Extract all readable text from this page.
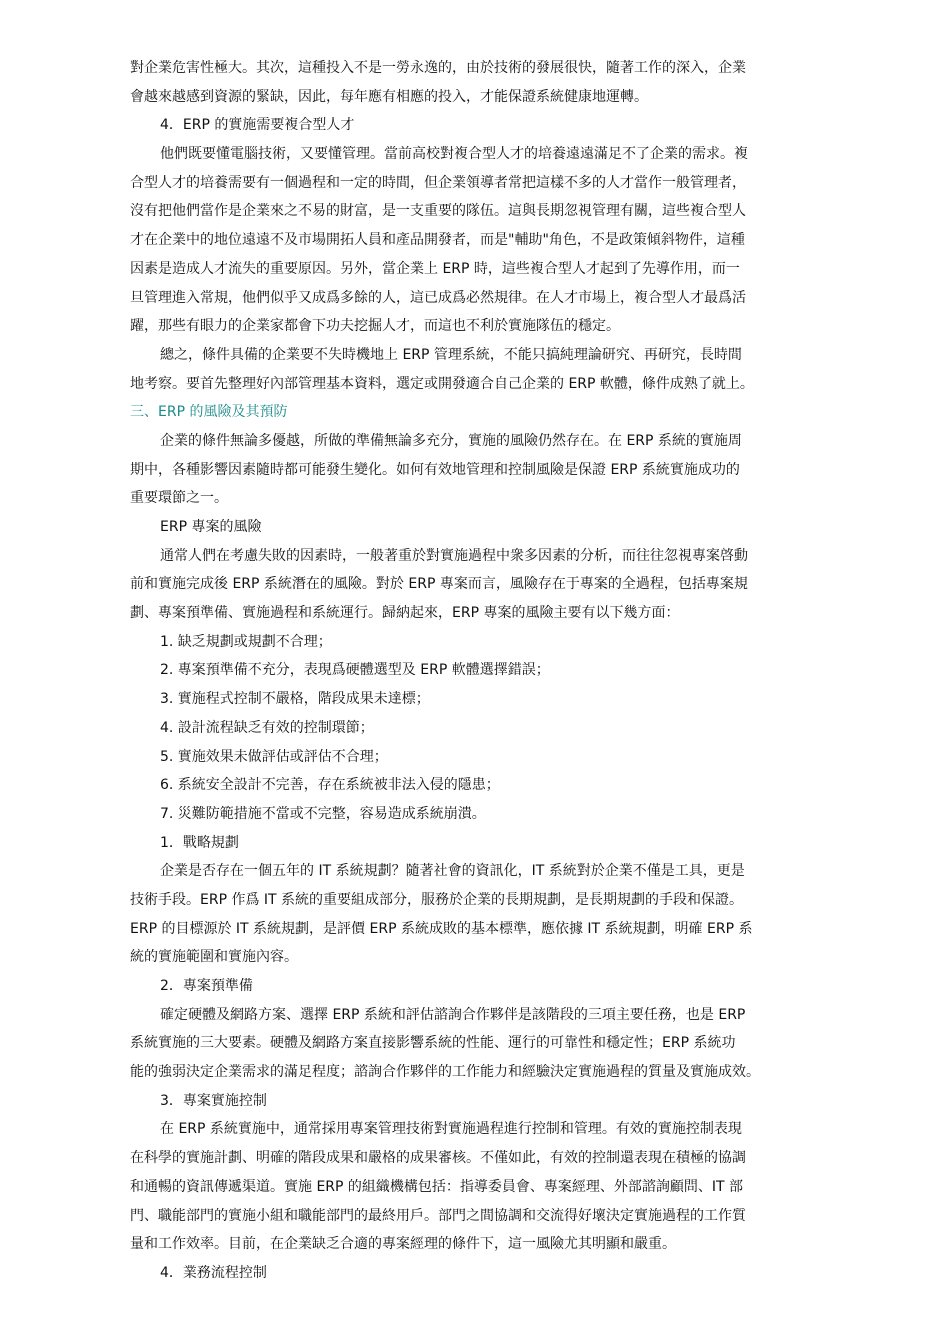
對企業危害性極大。其次，這種投入不是一勞永逸的，由於技術的發展很快，隨著工作的深入，企業
會越來越感到資源的緊缺，因此，每年應有相應的投入，才能保證系統健康地運轉。
4．ERP 的實施需要複合型人才
他們既要懂電腦技術，又要懂管理。當前高校對複合型人才的培養遠遠滿足不了企業的需求。複
合型人才的培養需要有一個過程和一定的時間，但企業領導者常把這樣不多的人才當作一般管理者，
沒有把他們當作是企業來之不易的財富，是一支重要的隊伍。這與長期忽視管理有關，這些複合型人
才在企業中的地位遠遠不及市場開拓人員和產品開發者，而是"輔助"角色，不是政策傾斜物件，這種
因素是造成人才流失的重要原因。另外，當企業上 ERP 時，這些複合型人才起到了先導作用，而一
旦管理進入常規，他們似乎又成爲多餘的人，這已成爲必然規律。在人才市場上，複合型人才最爲活
躍，那些有眼力的企業家都會下功夫挖掘人才，而這也不利於實施隊伍的穩定。
總之，條件具備的企業要不失時機地上 ERP 管理系統，不能只搞純理論研究、再研究，長時間
地考察。要首先整理好內部管理基本資料，選定或開發適合自己企業的 ERP 軟體，條件成熟了就上。
三、ERP 的風險及其預防
企業的條件無論多優越，所做的準備無論多充分，實施的風險仍然存在。在 ERP 系統的實施周
期中，各種影響因素隨時都可能發生變化。如何有效地管理和控制風險是保證 ERP 系統實施成功的
重要環節之一。
ERP 專案的風險
通常人們在考慮失敗的因素時，一般著重於對實施過程中衆多因素的分析，而往往忽視專案啓動
前和實施完成後 ERP 系統潛在的風險。對於 ERP 專案而言，風險存在于專案的全過程，包括專案規
劃、專案預準備、實施過程和系統運行。歸納起來，ERP 專案的風險主要有以下幾方面：
1. 缺乏規劃或規劃不合理；
2. 專案預準備不充分，表現爲硬體選型及 ERP 軟體選擇錯誤；
3. 實施程式控制不嚴格，階段成果未達標；
4. 設計流程缺乏有效的控制環節；
5. 實施效果未做評估或評估不合理；
6. 系統安全設計不完善，存在系統被非法入侵的隱患；
7. 災難防範措施不當或不完整，容易造成系統崩潰。
1．戰略規劃
企業是否存在一個五年的 IT 系統規劃？隨著社會的資訊化，IT 系統對於企業不僅是工具，更是
技術手段。ERP 作爲 IT 系統的重要組成部分，服務於企業的長期規劃，是長期規劃的手段和保證。
ERP 的目標源於 IT 系統規劃，是評價 ERP 系統成敗的基本標準，應依據 IT 系統規劃，明確 ERP 系
統的實施範圍和實施內容。
2．專案預準備
確定硬體及網路方案、選擇 ERP 系統和評估諮詢合作夥伴是該階段的三項主要任務，也是 ERP
系統實施的三大要素。硬體及網路方案直接影響系統的性能、運行的可靠性和穩定性；ERP 系統功
能的強弱決定企業需求的滿足程度；諮詢合作夥伴的工作能力和經驗決定實施過程的質量及實施成效。
3．專案實施控制
在 ERP 系統實施中，通常採用專案管理技術對實施過程進行控制和管理。有效的實施控制表現
在科學的實施計劃、明確的階段成果和嚴格的成果審核。不僅如此，有效的控制還表現在積極的協調
和通暢的資訊傳遞渠道。實施 ERP 的組織機構包括：指導委員會、專案經理、外部諮詢顧問、IT 部
門、職能部門的實施小組和職能部門的最終用戶。部門之間協調和交流得好壞決定實施過程的工作質
量和工作效率。目前，在企業缺乏合適的專案經理的條件下，這一風險尤其明顯和嚴重。
4．業務流程控制
